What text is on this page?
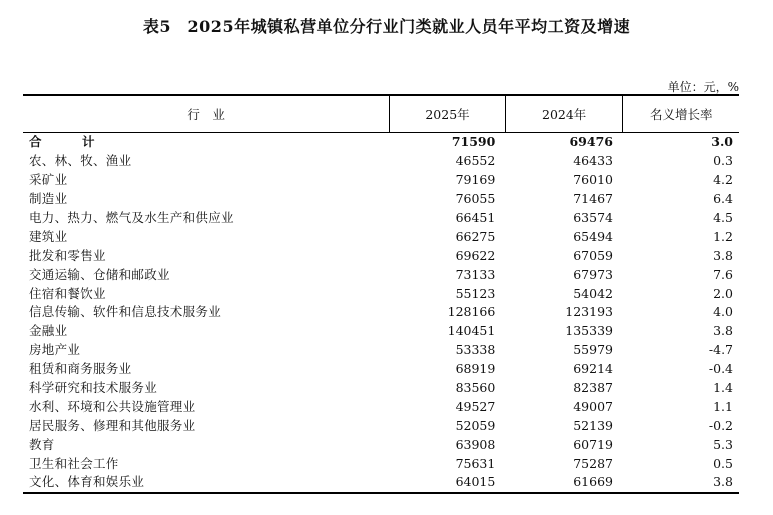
表5　2025年城镇私营单位分行业门类就业人员年平均工资及增速
单位：元，%
行　业	2025年	2024年	名义增长率
合　计	71590	69476	3.0
农、林、牧、渔业	46552	46433	0.3
采矿业	79169	76010	4.2
制造业	76055	71467	6.4
电力、热力、燃气及水生产和供应业	66451	63574	4.5
建筑业	66275	65494	1.2
批发和零售业	69622	67059	3.8
交通运输、仓储和邮政业	73133	67973	7.6
住宿和餐饮业	55123	54042	2.0
信息传输、软件和信息技术服务业	128166	123193	4.0
金融业	140451	135339	3.8
房地产业	53338	55979	-4.7
租赁和商务服务业	68919	69214	-0.4
科学研究和技术服务业	83560	82387	1.4
水利、环境和公共设施管理业	49527	49007	1.1
居民服务、修理和其他服务业	52059	52139	-0.2
教育	63908	60719	5.3
卫生和社会工作	75631	75287	0.5
文化、体育和娱乐业	64015	61669	3.8
